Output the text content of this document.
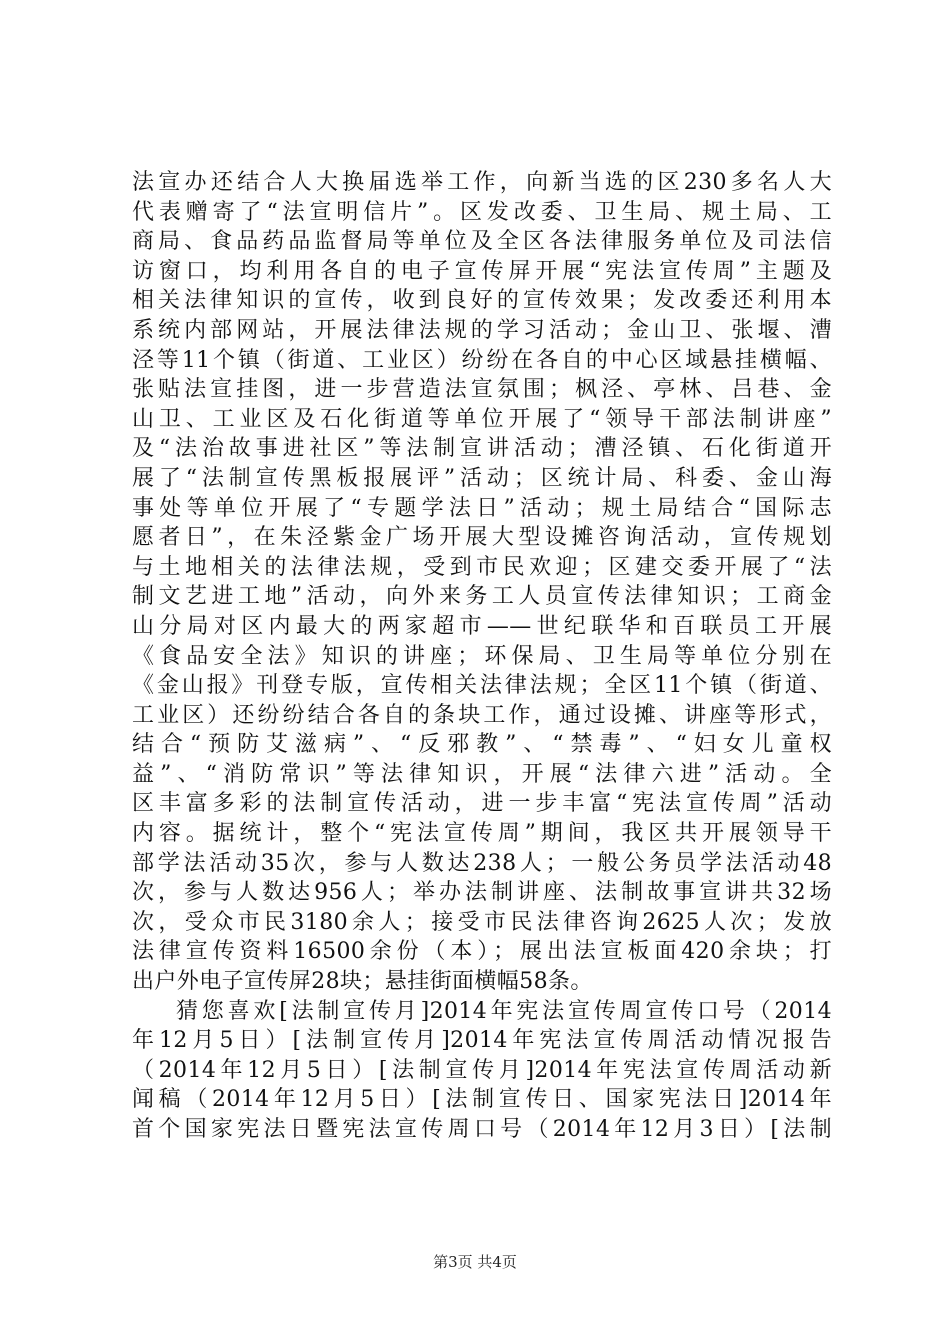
法宣办还结合人大换届选举工作，向新当选的区230多名人大
代表赠寄了“法宣明信片”。区发改委、卫生局、规土局、工
商局、食品药品监督局等单位及全区各法律服务单位及司法信
访窗口，均利用各自的电子宣传屏开展“宪法宣传周”主题及
相关法律知识的宣传，收到良好的宣传效果；发改委还利用本
系统内部网站，开展法律法规的学习活动；金山卫、张堰、漕
泾等11个镇（街道、工业区）纷纷在各自的中心区域悬挂横幅、
张贴法宣挂图，进一步营造法宣氛围；枫泾、亭林、吕巷、金
山卫、工业区及石化街道等单位开展了“领导干部法制讲座”
及“法治故事进社区”等法制宣讲活动；漕泾镇、石化街道开
展了“法制宣传黑板报展评”活动；区统计局、科委、金山海
事处等单位开展了“专题学法日”活动；规土局结合“国际志
愿者日”，在朱泾紫金广场开展大型设摊咨询活动，宣传规划
与土地相关的法律法规，受到市民欢迎；区建交委开展了“法
制文艺进工地”活动，向外来务工人员宣传法律知识；工商金
山分局对区内最大的两家超市——世纪联华和百联员工开展
《食品安全法》知识的讲座；环保局、卫生局等单位分别在
《金山报》刊登专版，宣传相关法律法规；全区11个镇（街道、
工业区）还纷纷结合各自的条块工作，通过设摊、讲座等形式，
结合“预防艾滋病”、“反邪教”、“禁毒”、“妇女儿童权
益”、“消防常识”等法律知识，开展“法律六进”活动。全
区丰富多彩的法制宣传活动，进一步丰富“宪法宣传周”活动
内容。据统计，整个“宪法宣传周”期间，我区共开展领导干
部学法活动35次，参与人数达238人；一般公务员学法活动48
次，参与人数达956人；举办法制讲座、法制故事宣讲共32场
次，受众市民3180余人；接受市民法律咨询2625人次；发放
法律宣传资料16500余份（本）；展出法宣板面420余块；打
出户外电子宣传屏28块；悬挂街面横幅58条。
猜您喜欢[法制宣传月]2014年宪法宣传周宣传口号（2014
年12月5日）[法制宣传月]2014年宪法宣传周活动情况报告
（2014年12月5日）[法制宣传月]2014年宪法宣传周活动新
闻稿（2014年12月5日）[法制宣传日、国家宪法日]2014年
首个国家宪法日暨宪法宣传周口号（2014年12月3日）[法制
第3页 共4页
